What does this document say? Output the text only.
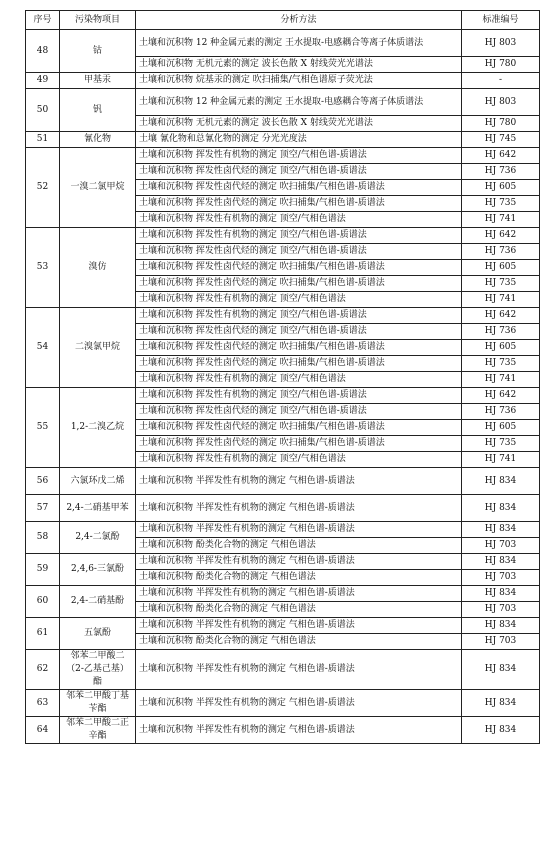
序号	污染物项目	分析方法	标准编号
48	钴	土壤和沉积物 12 种金属元素的测定 王水提取-电感耦合等离子体质谱法	HJ 803
		土壤和沉积物 无机元素的测定 波长色散 X 射线荧光光谱法	HJ 780
49	甲基汞	土壤和沉积物 烷基汞的测定 吹扫捕集/气相色谱原子荧光法	-
50	钒	土壤和沉积物 12 种金属元素的测定 王水提取-电感耦合等离子体质谱法	HJ 803
		土壤和沉积物 无机元素的测定 波长色散 X 射线荧光光谱法	HJ 780
51	氰化物	土壤 氰化物和总氰化物的测定 分光光度法	HJ 745
52	一溴二氯甲烷	土壤和沉积物 挥发性有机物的测定 顶空/气相色谱-质谱法	HJ 642
		土壤和沉积物 挥发性卤代烃的测定 顶空/气相色谱-质谱法	HJ 736
		土壤和沉积物 挥发性卤代烃的测定 吹扫捕集/气相色谱-质谱法	HJ 605
		土壤和沉积物 挥发性卤代烃的测定 吹扫捕集/气相色谱-质谱法	HJ 735
		土壤和沉积物 挥发性有机物的测定 顶空/气相色谱法	HJ 741
53	溴仿	土壤和沉积物 挥发性有机物的测定 顶空/气相色谱-质谱法	HJ 642
		土壤和沉积物 挥发性卤代烃的测定 顶空/气相色谱-质谱法	HJ 736
		土壤和沉积物 挥发性卤代烃的测定 吹扫捕集/气相色谱-质谱法	HJ 605
		土壤和沉积物 挥发性卤代烃的测定 吹扫捕集/气相色谱-质谱法	HJ 735
		土壤和沉积物 挥发性有机物的测定 顶空/气相色谱法	HJ 741
54	二溴氯甲烷	土壤和沉积物 挥发性有机物的测定 顶空/气相色谱-质谱法	HJ 642
		土壤和沉积物 挥发性卤代烃的测定 顶空/气相色谱-质谱法	HJ 736
		土壤和沉积物 挥发性卤代烃的测定 吹扫捕集/气相色谱-质谱法	HJ 605
		土壤和沉积物 挥发性卤代烃的测定 吹扫捕集/气相色谱-质谱法	HJ 735
		土壤和沉积物 挥发性有机物的测定 顶空/气相色谱法	HJ 741
55	1,2-二溴乙烷	土壤和沉积物 挥发性有机物的测定 顶空/气相色谱-质谱法	HJ 642
		土壤和沉积物 挥发性卤代烃的测定 顶空/气相色谱-质谱法	HJ 736
		土壤和沉积物 挥发性卤代烃的测定 吹扫捕集/气相色谱-质谱法	HJ 605
		土壤和沉积物 挥发性卤代烃的测定 吹扫捕集/气相色谱-质谱法	HJ 735
		土壤和沉积物 挥发性有机物的测定 顶空/气相色谱法	HJ 741
56	六氯环戊二烯	土壤和沉积物 半挥发性有机物的测定 气相色谱-质谱法	HJ 834
57	2,4-二硝基甲苯	土壤和沉积物 半挥发性有机物的测定 气相色谱-质谱法	HJ 834
58	2,4-二氯酚	土壤和沉积物 半挥发性有机物的测定 气相色谱-质谱法	HJ 834
		土壤和沉积物 酚类化合物的测定 气相色谱法	HJ 703
59	2,4,6-三氯酚	土壤和沉积物 半挥发性有机物的测定 气相色谱-质谱法	HJ 834
		土壤和沉积物 酚类化合物的测定 气相色谱法	HJ 703
60	2,4-二硝基酚	土壤和沉积物 半挥发性有机物的测定 气相色谱-质谱法	HJ 834
		土壤和沉积物 酚类化合物的测定 气相色谱法	HJ 703
61	五氯酚	土壤和沉积物 半挥发性有机物的测定 气相色谱-质谱法	HJ 834
		土壤和沉积物 酚类化合物的测定 气相色谱法	HJ 703
62	邻苯二甲酸二（2-乙基己基）酯	土壤和沉积物 半挥发性有机物的测定 气相色谱-质谱法	HJ 834
63	邻苯二甲酸丁基苄酯	土壤和沉积物 半挥发性有机物的测定 气相色谱-质谱法	HJ 834
64	邻苯二甲酸二正辛酯	土壤和沉积物 半挥发性有机物的测定 气相色谱-质谱法	HJ 834
